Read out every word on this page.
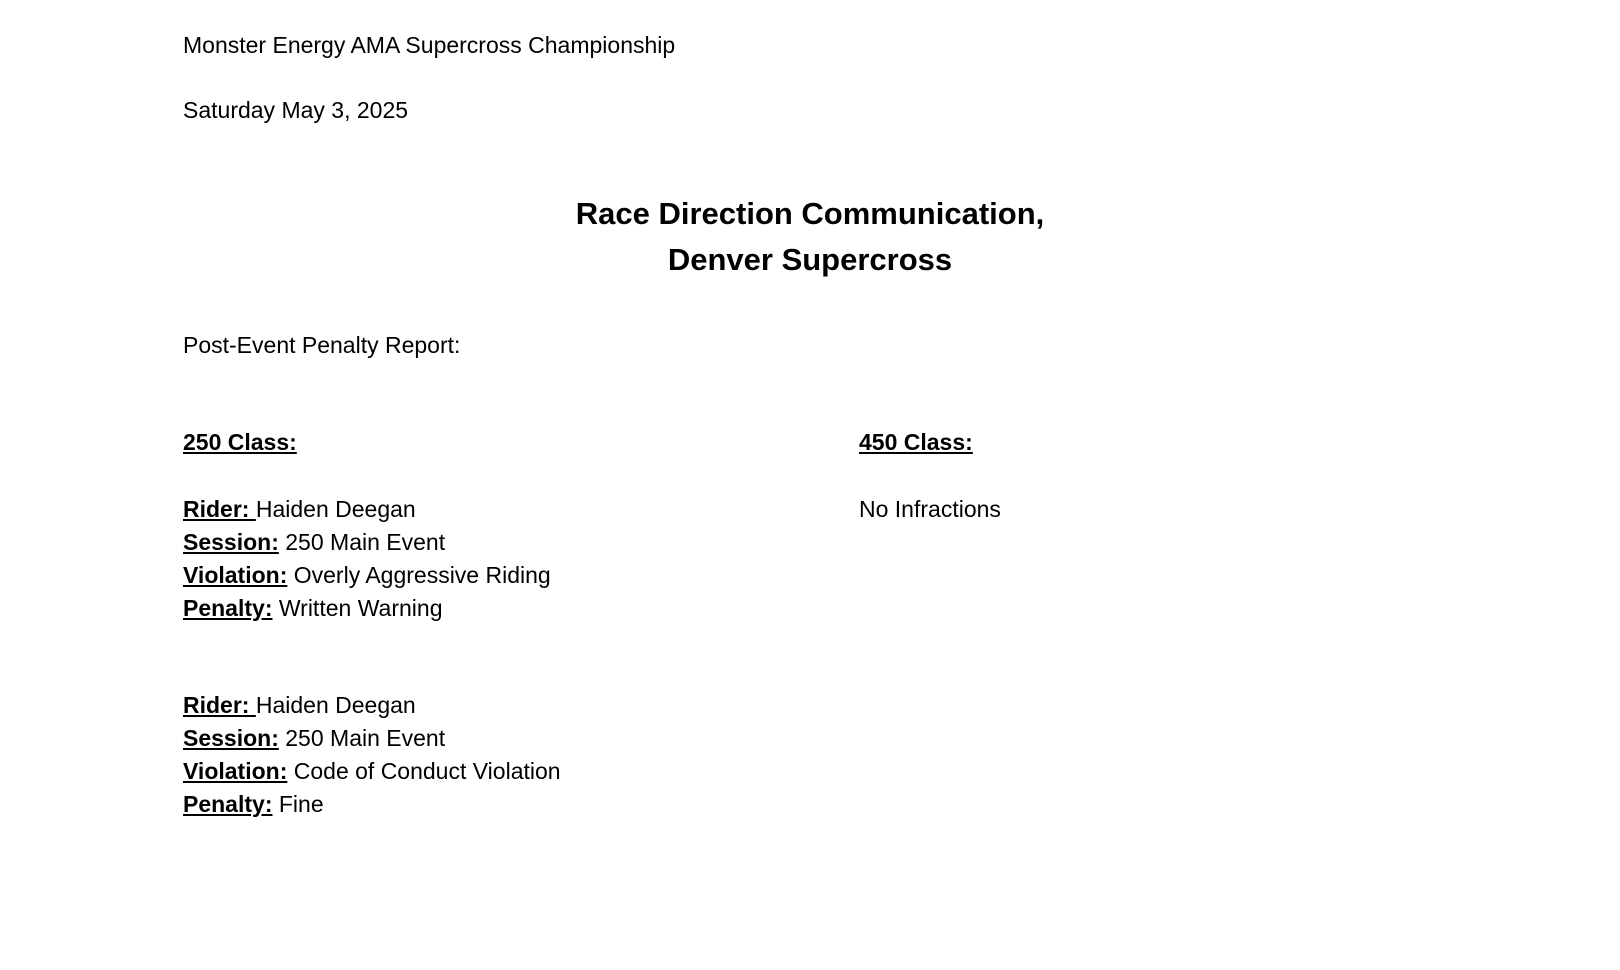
Monster Energy AMA Supercross Championship
Saturday May 3, 2025
Race Direction Communication,
Denver Supercross
Post-Event Penalty Report:
250 Class:	450 Class:
Rider: Haiden Deegan
Session: 250 Main Event
Violation: Overly Aggressive Riding
Penalty: Written Warning
Rider: Haiden Deegan
Session: 250 Main Event
Violation: Code of Conduct Violation
Penalty: Fine
No Infractions
